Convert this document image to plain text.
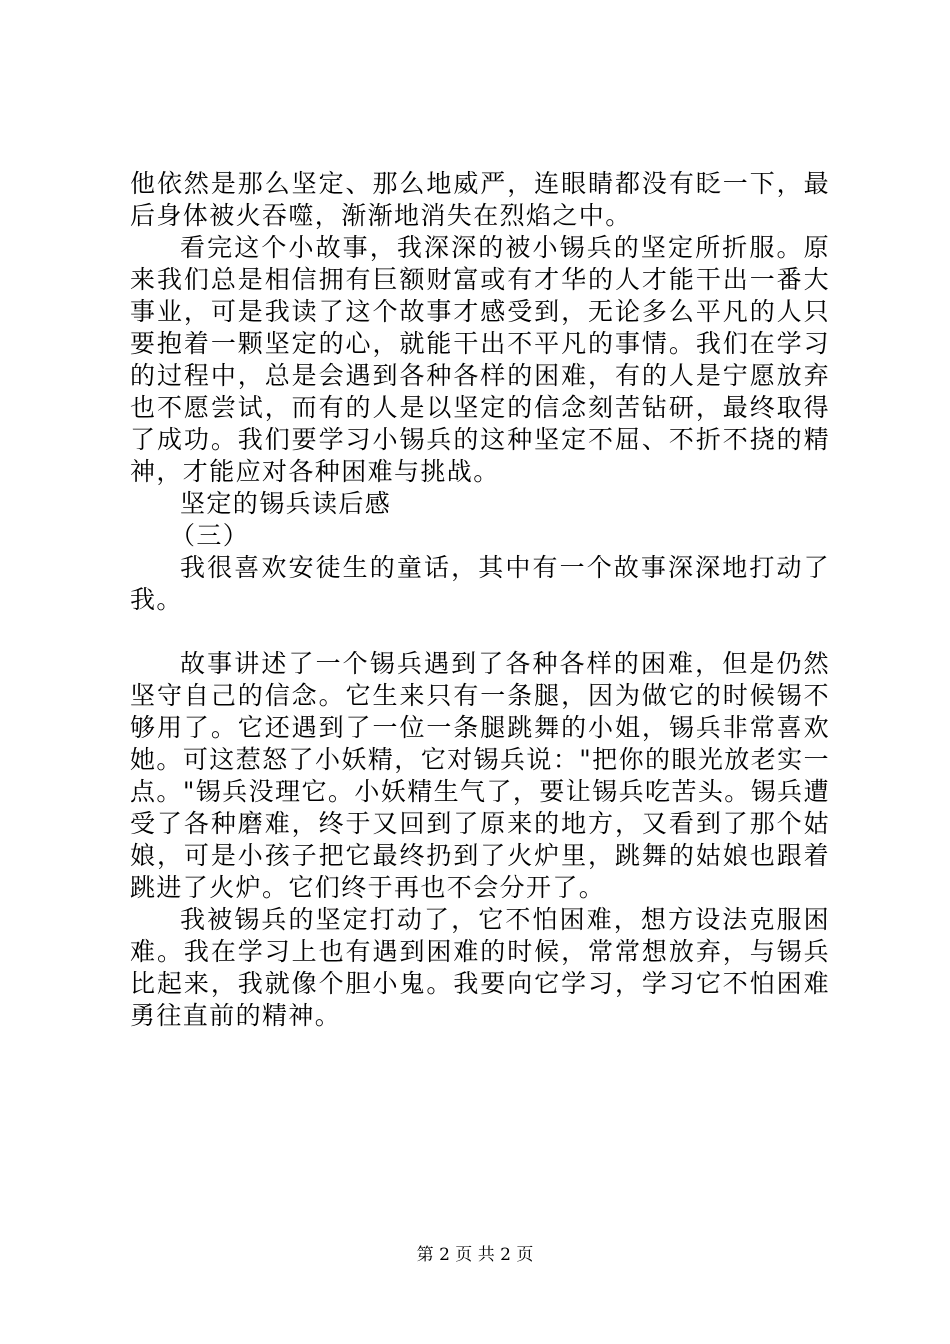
他依然是那么坚定、那么地威严，连眼睛都没有眨一下，最后身体被火吞噬，渐渐地消失在烈焰之中。

看完这个小故事，我深深的被小锡兵的坚定所折服。原来我们总是相信拥有巨额财富或有才华的人才能干出一番大事业，可是我读了这个故事才感受到，无论多么平凡的人只要抱着一颗坚定的心，就能干出不平凡的事情。我们在学习的过程中，总是会遇到各种各样的困难，有的人是宁愿放弃也不愿尝试，而有的人是以坚定的信念刻苦钻研，最终取得了成功。我们要学习小锡兵的这种坚定不屈、不折不挠的精神，才能应对各种困难与挑战。

坚定的锡兵读后感

（三）

我很喜欢安徒生的童话，其中有一个故事深深地打动了我。

故事讲述了一个锡兵遇到了各种各样的困难，但是仍然坚守自己的信念。它生来只有一条腿，因为做它的时候锡不够用了。它还遇到了一位一条腿跳舞的小姐，锡兵非常喜欢她。可这惹怒了小妖精，它对锡兵说："把你的眼光放老实一点。"锡兵没理它。小妖精生气了，要让锡兵吃苦头。锡兵遭受了各种磨难，终于又回到了原来的地方，又看到了那个姑娘，可是小孩子把它最终扔到了火炉里，跳舞的姑娘也跟着跳进了火炉。它们终于再也不会分开了。

我被锡兵的坚定打动了，它不怕困难，想方设法克服困难。我在学习上也有遇到困难的时候，常常想放弃，与锡兵比起来，我就像个胆小鬼。我要向它学习，学习它不怕困难勇往直前的精神。

第 2 页 共 2 页
